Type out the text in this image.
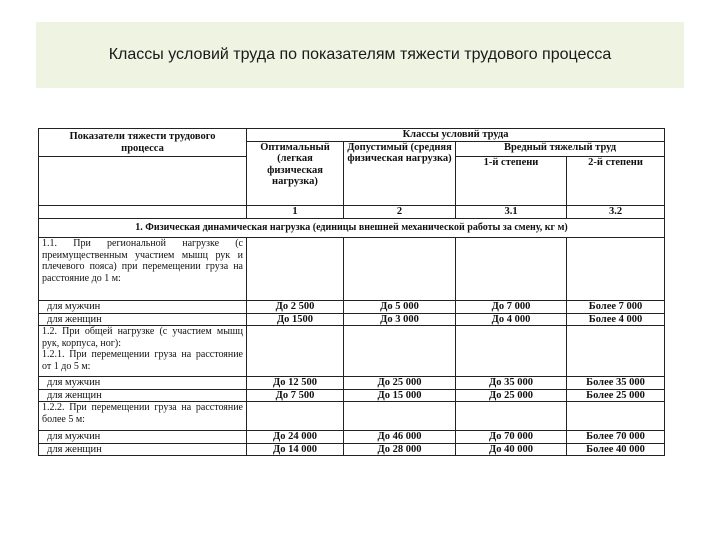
Классы условий труда по показателям тяжести трудового процесса
Показатели тяжести трудового процесса	Классы условий труда			
	Оптимальный (легкая физическая нагрузка)	Допустимый (средняя физическая нагрузка)	Вредный тяжелый труд	
			1-й степени	2-й степени
	1	2	3.1	3.2
1. Физическая динамическая нагрузка (единицы внешней механической работы за смену, кг м)				
1.1. При региональной нагрузке (с преимущественным участием мышц рук и плечевого пояса) при перемещении груза на расстояние до 1 м:				
для мужчин	До 2 500	До 5 000	До 7 000	Более 7 000
для женщин	До 1500	До 3 000	До 4 000	Более 4 000

1.2. При общей нагрузке (с участием мышц рук, корпуса, ног):
1.2.1. При перемещении груза на расстояние от 1 до 5 м:				

для мужчин	До 12 500	До 25 000	До 35 000	Более 35 000
для женщин	До 7 500	До 15 000	До 25 000	Более 25 000
1.2.2. При перемещении груза на расстояние более 5 м:				
для мужчин	До 24 000	До 46 000	До 70 000	Более 70 000
для женщин	До 14 000	До 28 000	До 40 000	Более 40 000
